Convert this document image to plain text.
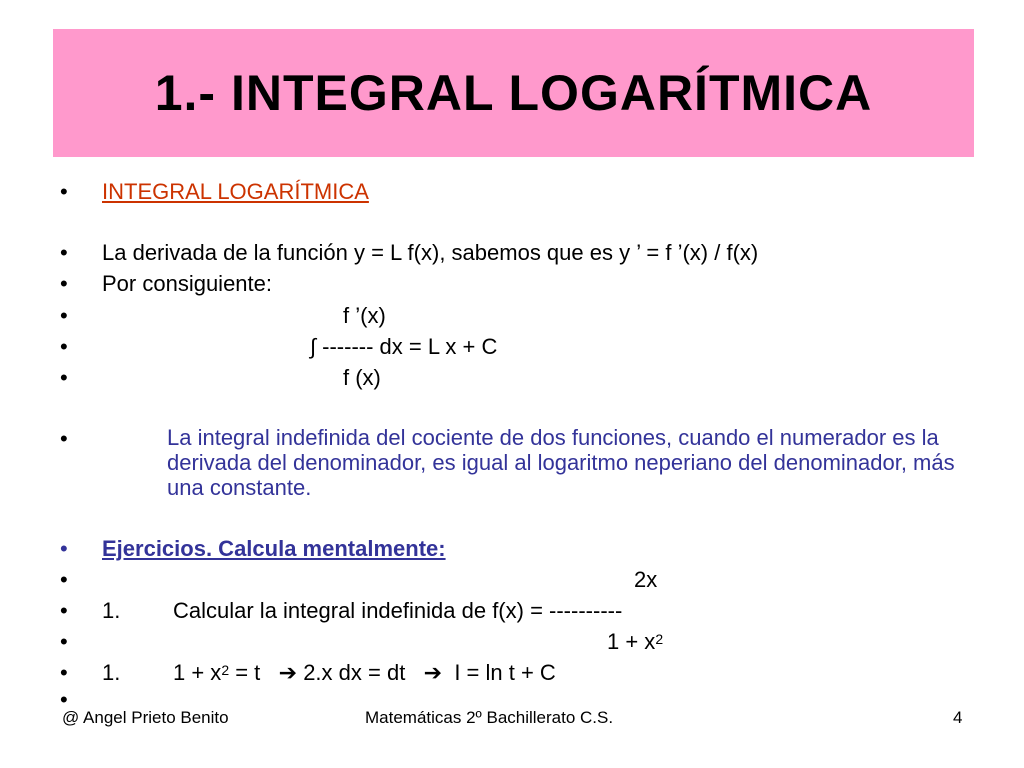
1.- INTEGRAL LOGARÍTMICA
• INTEGRAL LOGARÍTMICA
• La derivada de la función y = L f(x), sabemos que es y ’ = f ’(x) / f(x)
• Por consiguiente:
•	f ’(x)
•	∫ ------- dx = L x + C
•	f (x)
•	La integral indefinida del cociente de dos funciones, cuando el numerador es la derivada del denominador, es igual al logaritmo neperiano del denominador, más una constante.
• Ejercicios. Calcula mentalmente:
•	2x
• 1. Calcular la integral indefinida de f(x) = ----------
•	$1 + x^2$
• 1. $1 + x^2 = t$   ➔ 2.x dx = dt   ➔  I = ln t + C
•
@ Angel Prieto Benito	Matemáticas 2º Bachillerato C.S.	4
